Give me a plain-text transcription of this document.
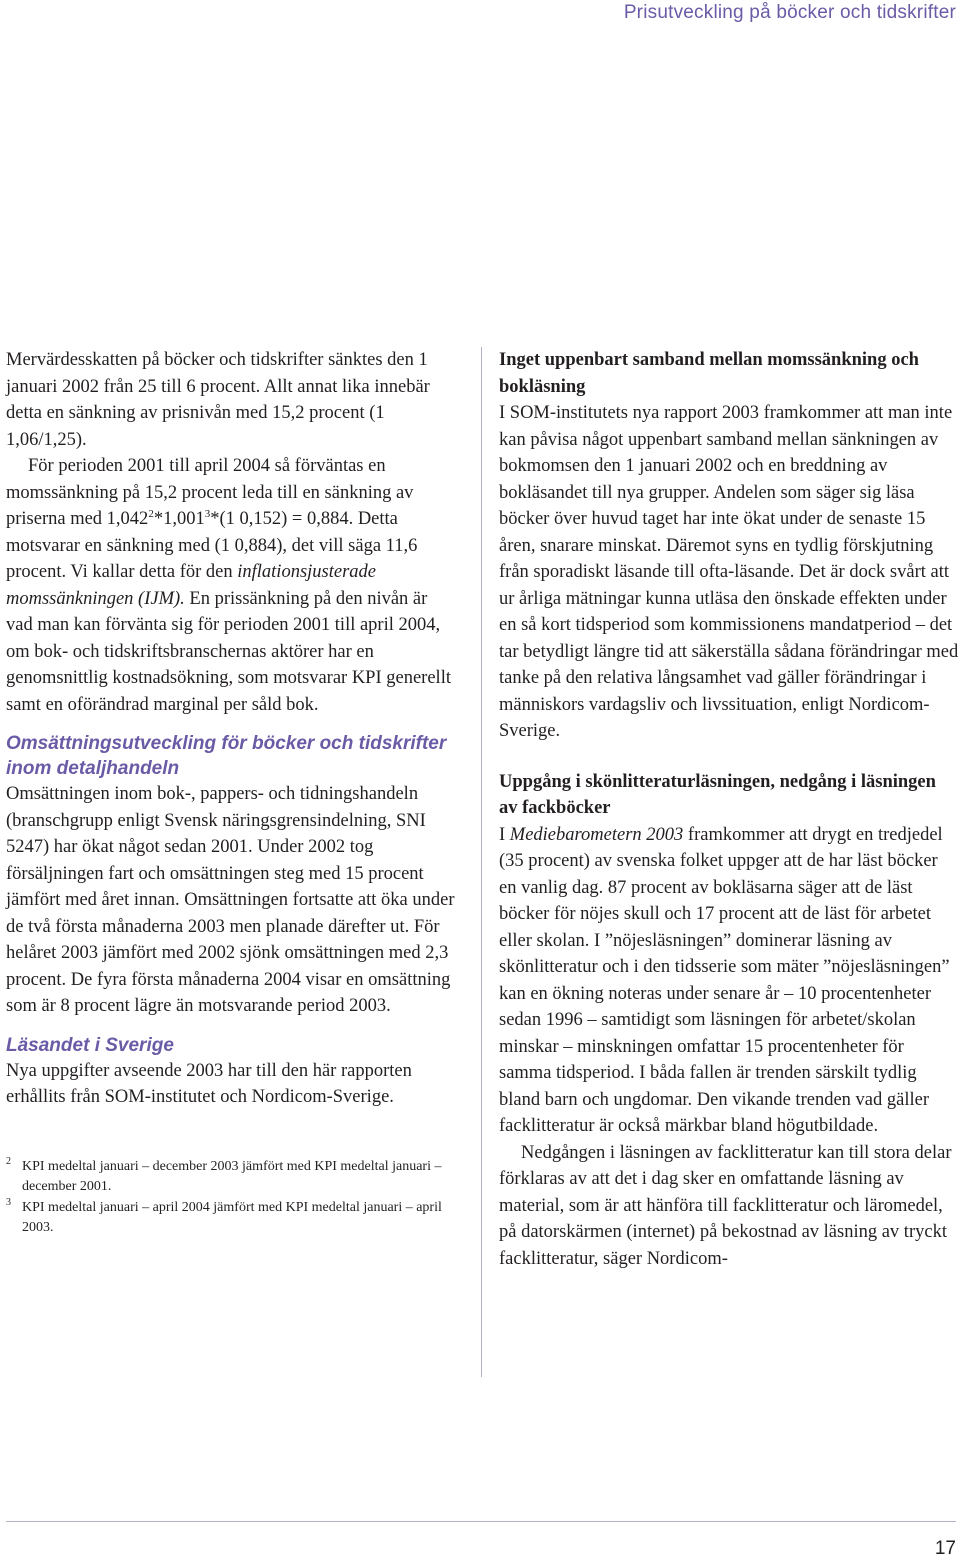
Prisutveckling på böcker och tidskrifter

Mervärdesskatten på böcker och tidskrifter sänktes den 1 januari 2002 från 25 till 6 procent. Allt annat lika innebär detta en sänkning av prisnivån med 15,2 procent (1 1,06/1,25).

För perioden 2001 till april 2004 så förväntas en momssänkning på 15,2 procent leda till en sänkning av priserna med 1,042$^2$*1,001$^3$*(1 0,152) = 0,884. Detta motsvarar en sänkning med (1 0,884), det vill säga 11,6 procent. Vi kallar detta för den inflationsjusterade momssänkningen (IJM). En prissänkning på den nivån är vad man kan förvänta sig för perioden 2001 till april 2004, om bok- och tidskriftsbranschernas aktörer har en genomsnittlig kostnadsökning, som motsvarar KPI generellt samt en oförändrad marginal per såld bok.

Omsättningsutveckling för böcker och tidskrifter inom detaljhandeln

Omsättningen inom bok-, pappers- och tidningshandeln (branschgrupp enligt Svensk näringsgrensindelning, SNI 5247) har ökat något sedan 2001. Under 2002 tog försäljningen fart och omsättningen steg med 15 procent jämfört med året innan. Omsättningen fortsatte att öka under de två första månaderna 2003 men planade därefter ut. För helåret 2003 jämfört med 2002 sjönk omsättningen med 2,3 procent. De fyra första månaderna 2004 visar en omsättning som är 8 procent lägre än motsvarande period 2003.

Läsandet i Sverige

Nya uppgifter avseende 2003 har till den här rapporten erhållits från SOM-institutet och Nordicom-Sverige.

2 KPI medeltal januari – december 2003 jämfört med KPI medeltal januari – december 2001.

3 KPI medeltal januari – april 2004 jämfört med KPI medeltal januari – april 2003.

Inget uppenbart samband mellan momssänkning och bokläsning

I SOM-institutets nya rapport 2003 framkommer att man inte kan påvisa något uppenbart samband mellan sänkningen av bokmomsen den 1 januari 2002 och en breddning av bokläsandet till nya grupper. Andelen som säger sig läsa böcker över huvud taget har inte ökat under de senaste 15 åren, snarare minskat. Däremot syns en tydlig förskjutning från sporadiskt läsande till ofta-läsande. Det är dock svårt att ur årliga mätningar kunna utläsa den önskade effekten under en så kort tidsperiod som kommissionens mandatperiod – det tar betydligt längre tid att säkerställa sådana förändringar med tanke på den relativa långsamhet vad gäller förändringar i människors vardagsliv och livssituation, enligt Nordicom-Sverige.

Uppgång i skönlitteraturläsningen, nedgång i läsningen av fackböcker

I Mediebarometern 2003 framkommer att drygt en tredjedel (35 procent) av svenska folket uppger att de har läst böcker en vanlig dag. 87 procent av bokläsarna säger att de läst böcker för nöjes skull och 17 procent att de läst för arbetet eller skolan. I ”nöjesläsningen” dominerar läsning av skönlitteratur och i den tidsserie som mäter ”nöjesläsningen” kan en ökning noteras under senare år – 10 procentenheter sedan 1996 – samtidigt som läsningen för arbetet/skolan minskar – minskningen omfattar 15 procentenheter för samma tidsperiod. I båda fallen är trenden särskilt tydlig bland barn och ungdomar. Den vikande trenden vad gäller facklitteratur är också märkbar bland högutbildade.

Nedgången i läsningen av facklitteratur kan till stora delar förklaras av att det i dag sker en omfattande läsning av material, som är att hänföra till facklitteratur och läromedel, på datorskärmen (internet) på bekostnad av läsning av tryckt facklitteratur, säger Nordicom-

17
